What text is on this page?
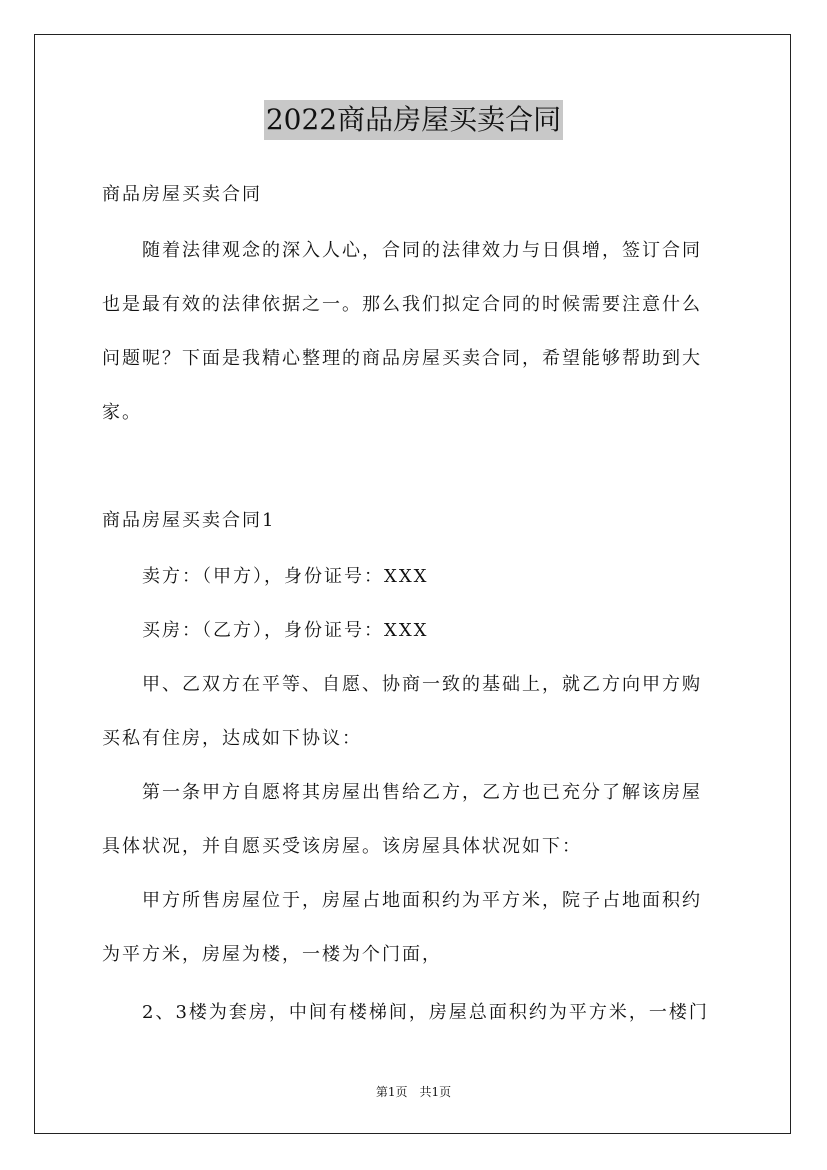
2022商品房屋买卖合同
商品房屋买卖合同
随着法律观念的深入人心，合同的法律效力与日俱增，签订合同
也是最有效的法律依据之一。那么我们拟定合同的时候需要注意什么
问题呢？下面是我精心整理的商品房屋买卖合同，希望能够帮助到大
家。
商品房屋买卖合同1
卖方：（甲方），身份证号：XXX
买房：（乙方），身份证号：XXX
甲、乙双方在平等、自愿、协商一致的基础上，就乙方向甲方购
买私有住房，达成如下协议：
第一条甲方自愿将其房屋出售给乙方，乙方也已充分了解该房屋
具体状况，并自愿买受该房屋。该房屋具体状况如下：
甲方所售房屋位于，房屋占地面积约为平方米，院子占地面积约
为平方米，房屋为楼，一楼为个门面，
2、3楼为套房，中间有楼梯间，房屋总面积约为平方米，一楼门
第1页　共1页
